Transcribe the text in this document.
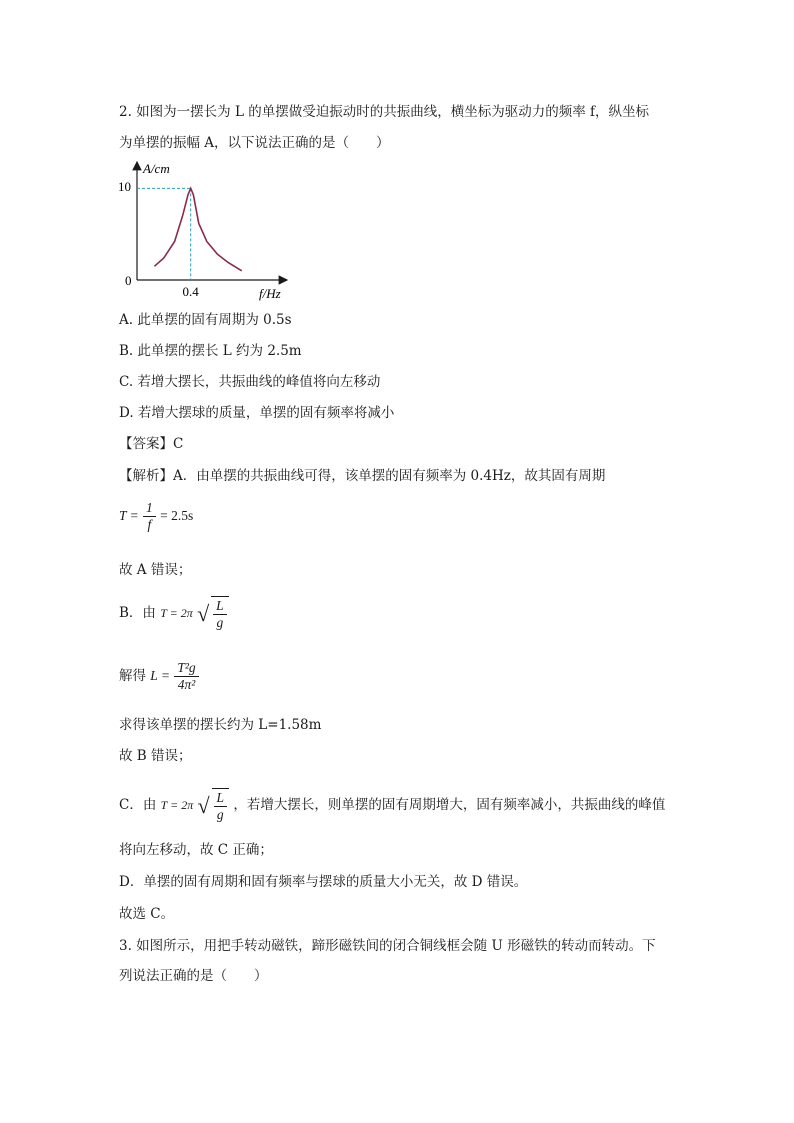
2. 如图为一摆长为 L 的单摆做受迫振动时的共振曲线，横坐标为驱动力的频率 f，纵坐标
为单摆的振幅 A，以下说法正确的是（　　）
A/cm
f/Hz
10
0
0.4
A. 此单摆的固有周期为 0.5s
B. 此单摆的摆长 L 约为 2.5m
C. 若增大摆长，共振曲线的峰值将向左移动
D. 若增大摆球的质量，单摆的固有频率将减小
【答案】C
【解析】A．由单摆的共振曲线可得，该单摆的固有频率为 0.4Hz，故其固有周期
$T = \frac{1}{f} = 2.5s$
故 A 错误；
B．由 T = 2π √ $\frac{L}{g}$
解得 $L = \frac{\text{T²g}}{\text{4π²}}$
求得该单摆的摆长约为 L=1.58m
故 B 错误；
C．由 T = 2π √ $\frac{L}{g}$ ，若增大摆长，则单摆的固有周期增大，固有频率减小，共振曲线的峰值
将向左移动，故 C 正确；
D．单摆的固有周期和固有频率与摆球的质量大小无关，故 D 错误。
故选 C。
3. 如图所示，用把手转动磁铁，蹄形磁铁间的闭合铜线框会随 U 形磁铁的转动而转动。下
列说法正确的是（　　）
